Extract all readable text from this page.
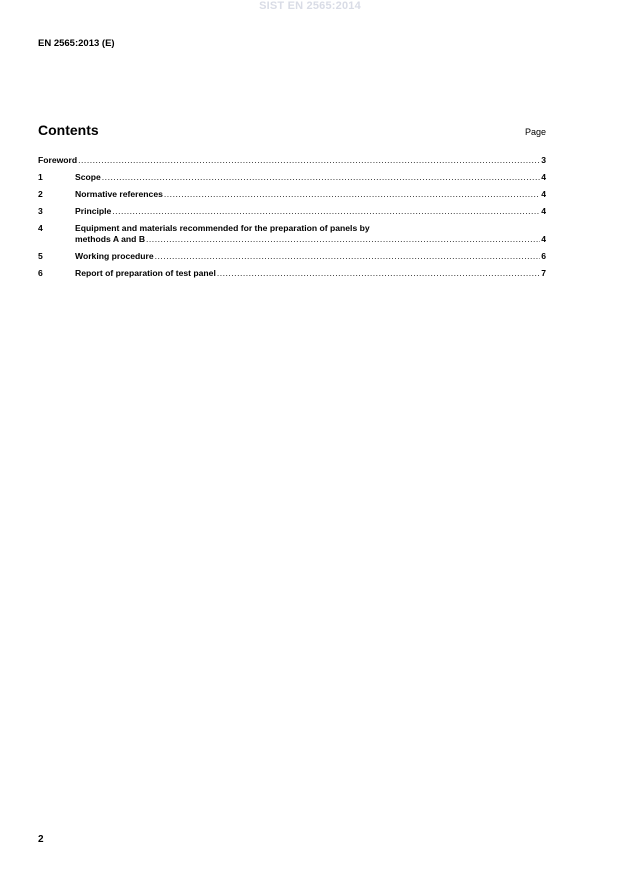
SIST EN 2565:2014
EN 2565:2013 (E)
Contents	Page
Foreword .....	3
1	Scope .....	4
2	Normative references .....	4
3	Principle .....	4
4	Equipment and materials recommended for the preparation of panels by
methods A and B .....	4
5	Working procedure .....	6
6	Report of preparation of test panel .....	7
2
